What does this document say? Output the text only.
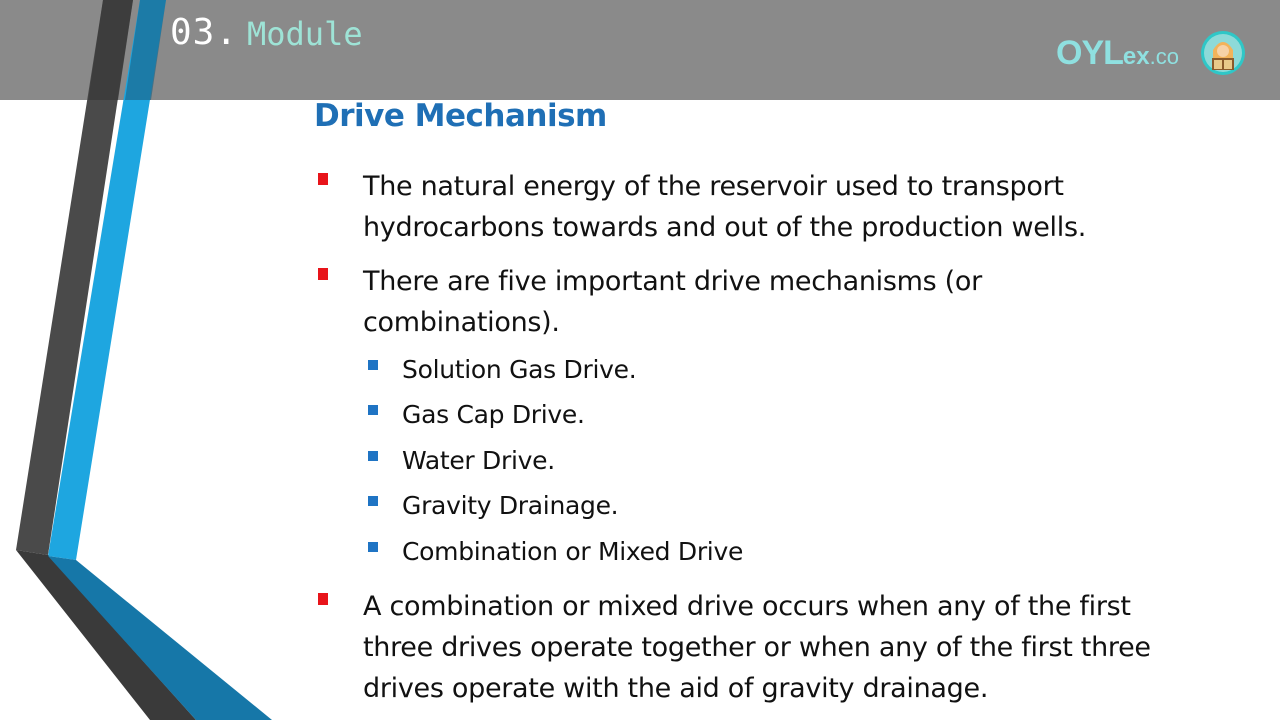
03. Module	OYLex.co
Drive Mechanism
The natural energy of the reservoir used to transport hydrocarbons towards and out of the production wells.
There are five important drive mechanisms (or combinations).
Solution Gas Drive.
Gas Cap Drive.
Water Drive.
Gravity Drainage.
Combination or Mixed Drive
A combination or mixed drive occurs when any of the first three drives operate together or when any of the first three drives operate with the aid of gravity drainage.
